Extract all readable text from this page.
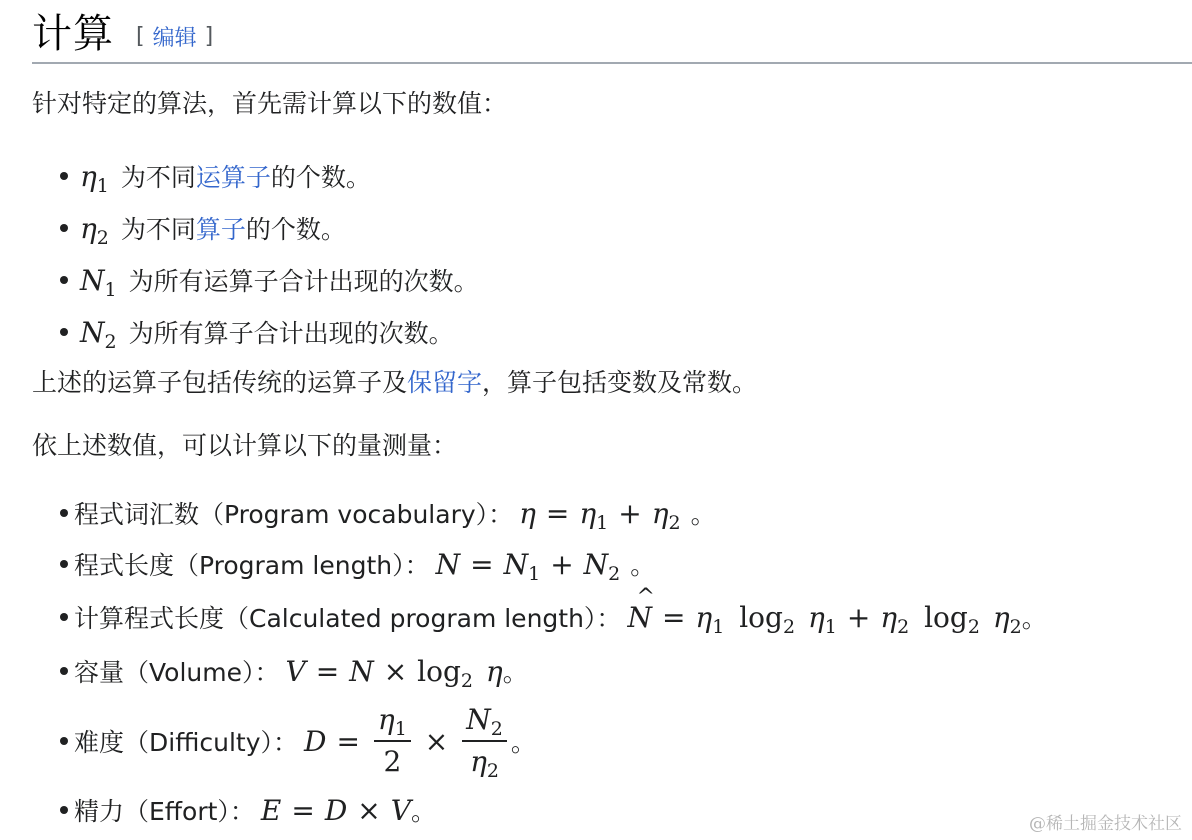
计算 [ 编辑 ]
针对特定的算法，首先需计算以下的数值：
$\eta_1$ 为不同 运算子 的个数。
$\eta_2$ 为不同 算子 的个数。
$N_1$ 为所有运算子合计出现的次数。
$N_2$ 为所有算子合计出现的次数。
上述的运算子包括传统的运算子及保留字，算子包括变数及常数。
依上述数值，可以计算以下的量测量：
程式词汇数（Program vocabulary）： $\eta = \eta_1 + \eta_2$ 。
程式长度（Program length）： $N = N_1 + N_2$ 。
计算程式长度（Calculated program length）： ^ $N = \eta_1$ $\log_2 \eta_1 + \eta_2$ $\log_2 \eta_2$ 。
容量（Volume）： $V = N \times \log_2 \eta$ 。
难度（Difficulty）： $D = \frac{\eta_1}{2} \times \frac{N_2}{\eta_2}$ 。
精力（Effort）： E = D × V 。	@稀土掘金技术社区
